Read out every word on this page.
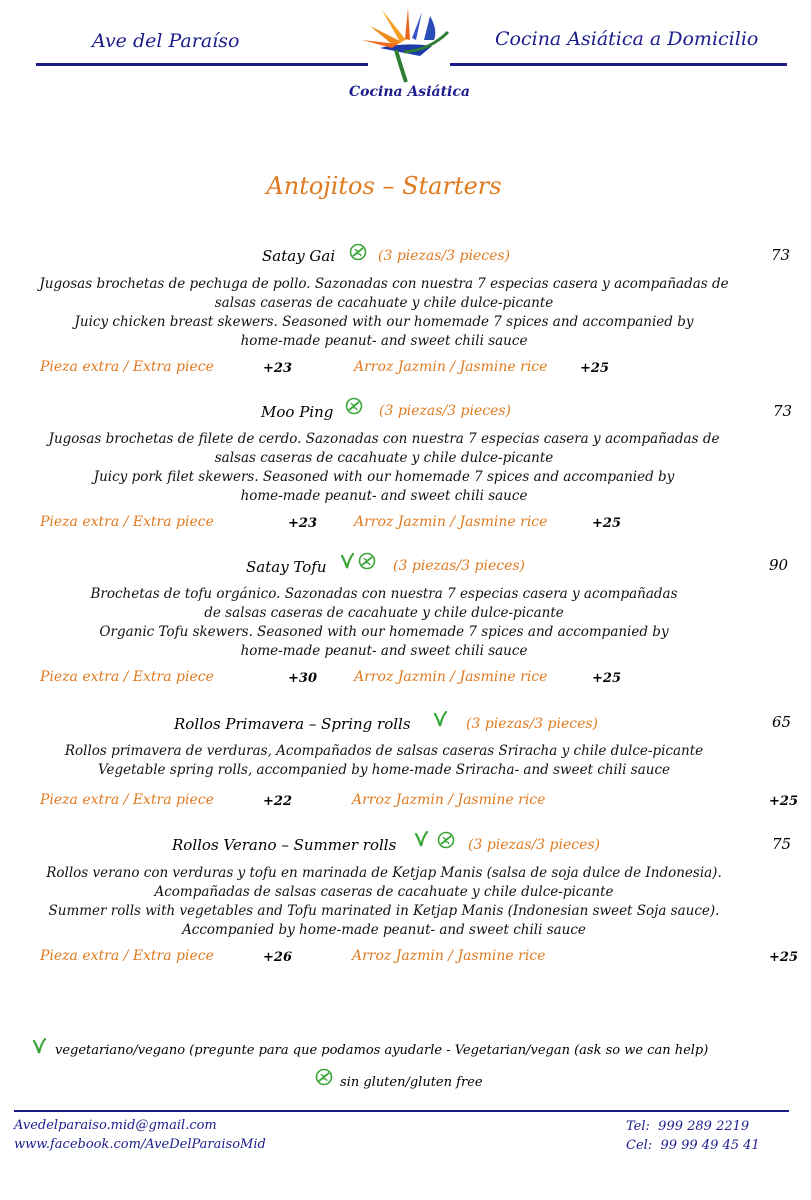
Ave del Paraíso	Cocina Asiática a Domicilio
Cocina Asiática
Antojitos – Starters
Satay Gai	(3 piezas/3 pieces)	73
Jugosas brochetas de pechuga de pollo. Sazonadas con nuestra 7 especias casera y acompañadas de
salsas caseras de cacahuate y chile dulce-picante
Juicy chicken breast skewers. Seasoned with our homemade 7 spices and accompanied by
home-made peanut- and sweet chili sauce
Pieza extra / Extra piece	+23	Arroz Jazmin / Jasmine rice	+25
Moo Ping	(3 piezas/3 pieces)	73
Jugosas brochetas de filete de cerdo. Sazonadas con nuestra 7 especias casera y acompañadas de
salsas caseras de cacahuate y chile dulce-picante
Juicy pork filet skewers. Seasoned with our homemade 7 spices and accompanied by
home-made peanut- and sweet chili sauce
Pieza extra / Extra piece	+23	Arroz Jazmin / Jasmine rice	+25
Satay Tofu	(3 piezas/3 pieces)	90
Brochetas de tofu orgánico. Sazonadas con nuestra 7 especias casera y acompañadas
de salsas caseras de cacahuate y chile dulce-picante
Organic Tofu skewers. Seasoned with our homemade 7 spices and accompanied by
home-made peanut- and sweet chili sauce
Pieza extra / Extra piece	+30	Arroz Jazmin / Jasmine rice	+25
Rollos Primavera – Spring rolls	(3 piezas/3 pieces)	65
Rollos primavera de verduras, Acompañados de salsas caseras Sriracha y chile dulce-picante
Vegetable spring rolls, accompanied by home-made Sriracha- and sweet chili sauce
Pieza extra / Extra piece	+22	Arroz Jazmin / Jasmine rice	+25
Rollos Verano – Summer rolls	(3 piezas/3 pieces)	75
Rollos verano con verduras y tofu en marinada de Ketjap Manis (salsa de soja dulce de Indonesia).
Acompañadas de salsas caseras de cacahuate y chile dulce-picante
Summer rolls with vegetables and Tofu marinated in Ketjap Manis (Indonesian sweet Soja sauce).
Accompanied by home-made peanut- and sweet chili sauce
Pieza extra / Extra piece	+26	Arroz Jazmin / Jasmine rice	+25
vegetariano/vegano (pregunte para que podamos ayudarle - Vegetarian/vegan (ask so we can help)
sin gluten/gluten free
Avedelparaiso.mid@gmail.com
www.facebook.com/AveDelParaisoMid
Tel: 999 289 2219
Cel: 99 99 49 45 41
